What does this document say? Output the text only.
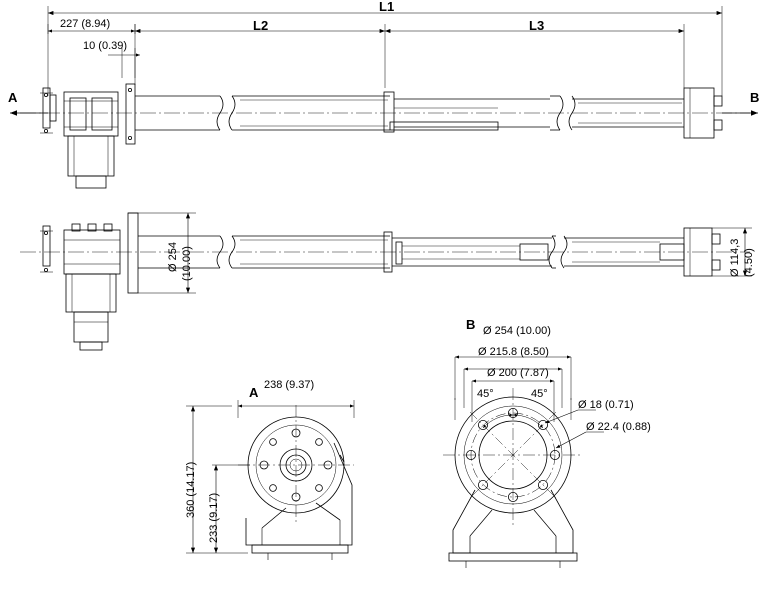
L1
L2	L3
227 (8.94)
10 (0.39)
A	B
Ø 254 (10.00)	Ø 114,3 (4.50)
B
A
Ø 254 (10.00)
Ø 215.8 (8.50)
Ø 200 (7.87)
Ø 18 (0.71)
Ø 22.4 (0.88)
45°	45°
238 (9.37)
360 (14.17) 233 (9.17)
